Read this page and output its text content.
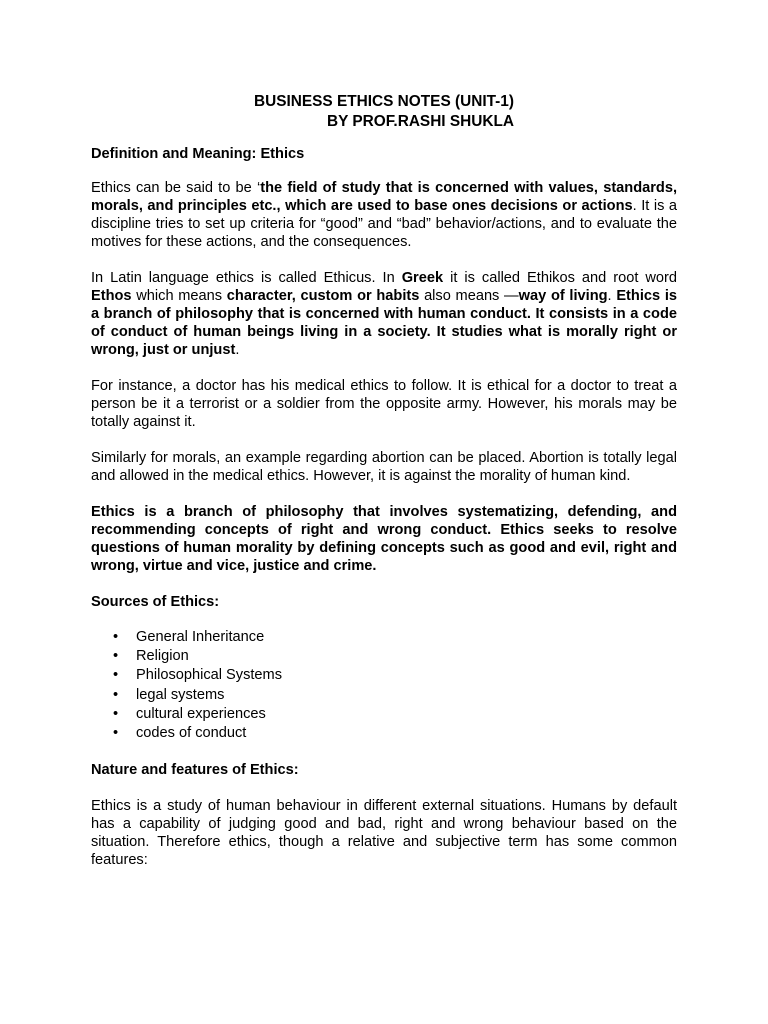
BUSINESS ETHICS NOTES (UNIT-1)
BY PROF.RASHI SHUKLA
Definition and Meaning: Ethics

Ethics can be said to be ‘the field of study that is concerned with values, standards, morals, and principles etc., which are used to base ones decisions or actions. It is a discipline tries to set up criteria for “good” and “bad” behavior/actions, and to evaluate the motives for these actions, and the consequences.

In Latin language ethics is called Ethicus. In Greek it is called Ethikos and root word Ethos which means character, custom or habits also means —way of living. Ethics is a branch of philosophy that is concerned with human conduct. It consists in a code of conduct of human beings living in a society. It studies what is morally right or wrong, just or unjust.

For instance, a doctor has his medical ethics to follow. It is ethical for a doctor to treat a person be it a terrorist or a soldier from the opposite army. However, his morals may be totally against it.

Similarly for morals, an example regarding abortion can be placed. Abortion is totally legal and allowed in the medical ethics. However, it is against the morality of human kind.

Ethics is a branch of philosophy that involves systematizing, defending, and recommending concepts of right and wrong conduct. Ethics seeks to resolve questions of human morality by defining concepts such as good and evil, right and wrong, virtue and vice, justice and crime.

Sources of Ethics:
• General Inheritance
• Religion
• Philosophical Systems
• legal systems
• cultural experiences
• codes of conduct
Nature and features of Ethics:

Ethics is a study of human behaviour in different external situations. Humans by default has a capability of judging good and bad, right and wrong behaviour based on the situation. Therefore ethics, though a relative and subjective term has some common features:
